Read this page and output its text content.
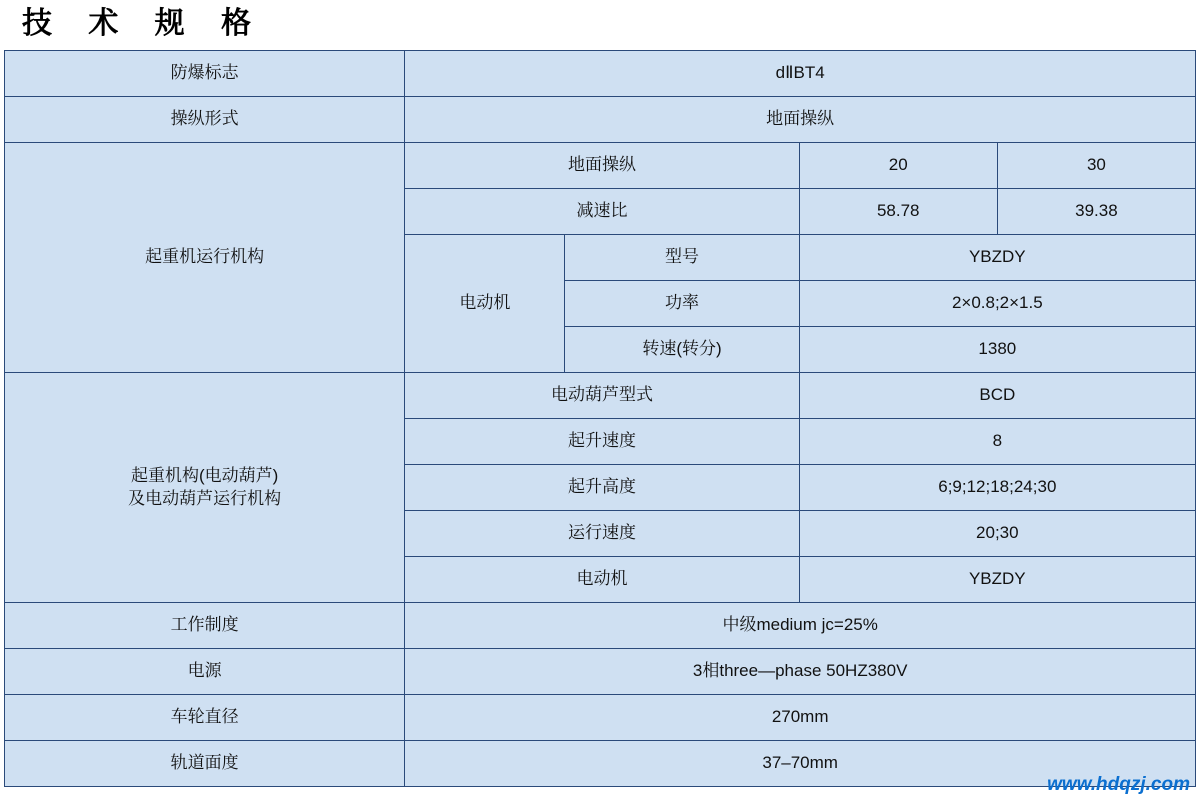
技 术 规 格
防爆标志	dⅡBT4			
操纵形式	地面操纵			
起重机运行机构	地面操纵		20	30
	减速比		58.78	39.38
	电动机	型号	YBZDY	
		功率	2×0.8;2×1.5	
		转速(转分)	1380	

起重机构(电动葫芦)
及电动葫芦运行机构	电动葫芦型式		BCD	
	起升速度		8	
	起升高度		6;9;12;18;24;30	
	运行速度		20;30	
	电动机		YBZDY	
工作制度	中级medium jc=25%			
电源	3相three—phase 50HZ380V			
车轮直径	270mm			
轨道面度	37–70mm			
www.hdqzj.com
